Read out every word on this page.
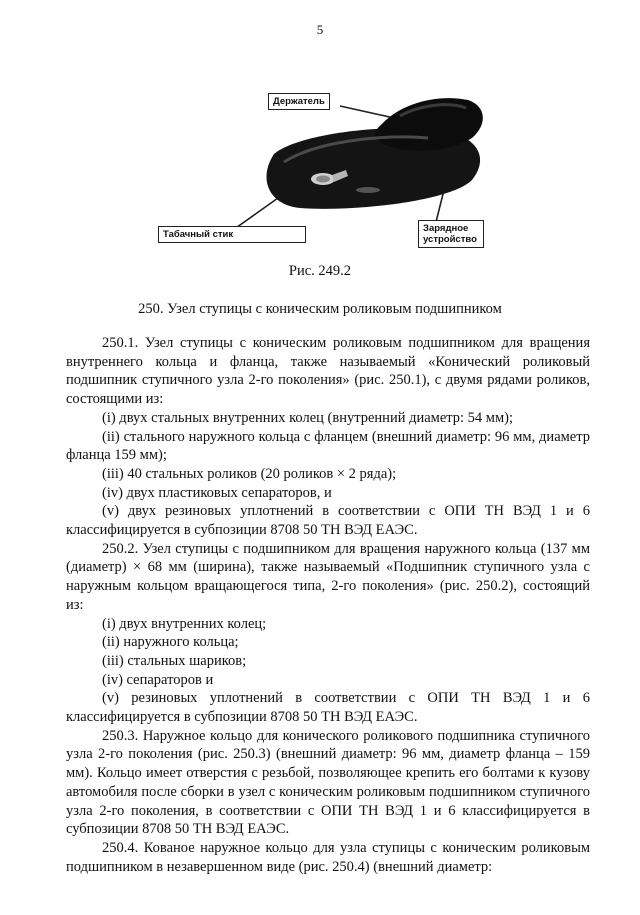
5
Держатель
Табачный стик
Зарядное устройство
Рис. 249.2
250. Узел ступицы с коническим роликовым подшипником

250.1. Узел ступицы с коническим роликовым подшипником для вращения внутреннего кольца и фланца, также называемый «Конический роликовый подшипник ступичного узла 2-го поколения» (рис. 250.1), с двумя рядами роликов, состоящими из:

(i) двух стальных внутренних колец (внутренний диаметр: 54 мм);

(ii) стального наружного кольца с фланцем (внешний диаметр: 96 мм, диаметр фланца 159 мм);

(iii) 40 стальных роликов (20 роликов × 2 ряда);

(iv) двух пластиковых сепараторов, и

(v) двух резиновых уплотнений в соответствии с ОПИ ТН ВЭД 1 и 6 классифицируется в субпозиции 8708 50 ТН ВЭД ЕАЭС.

250.2. Узел ступицы с подшипником для вращения наружного кольца (137 мм (диаметр) × 68 мм (ширина), также называемый «Подшипник ступичного узла с наружным кольцом вращающегося типа, 2-го поколения» (рис. 250.2), состоящий из:

(i) двух внутренних колец;

(ii) наружного кольца;

(iii) стальных шариков;

(iv) сепараторов и

(v) резиновых уплотнений в соответствии с ОПИ ТН ВЭД 1 и 6 классифицируется в субпозиции 8708 50 ТН ВЭД ЕАЭС.

250.3. Наружное кольцо для конического роликового подшипника ступичного узла 2-го поколения (рис. 250.3) (внешний диаметр: 96 мм, диаметр фланца – 159 мм). Кольцо имеет отверстия с резьбой, позволяющее крепить его болтами к кузову автомобиля после сборки в узел с коническим роликовым подшипником ступичного узла 2-го поколения, в соответствии с ОПИ ТН ВЭД 1 и 6 классифицируется в субпозиции 8708 50 ТН ВЭД ЕАЭС.

250.4. Кованое наружное кольцо для узла ступицы с коническим роликовым подшипником в незавершенном виде (рис. 250.4) (внешний диаметр:
